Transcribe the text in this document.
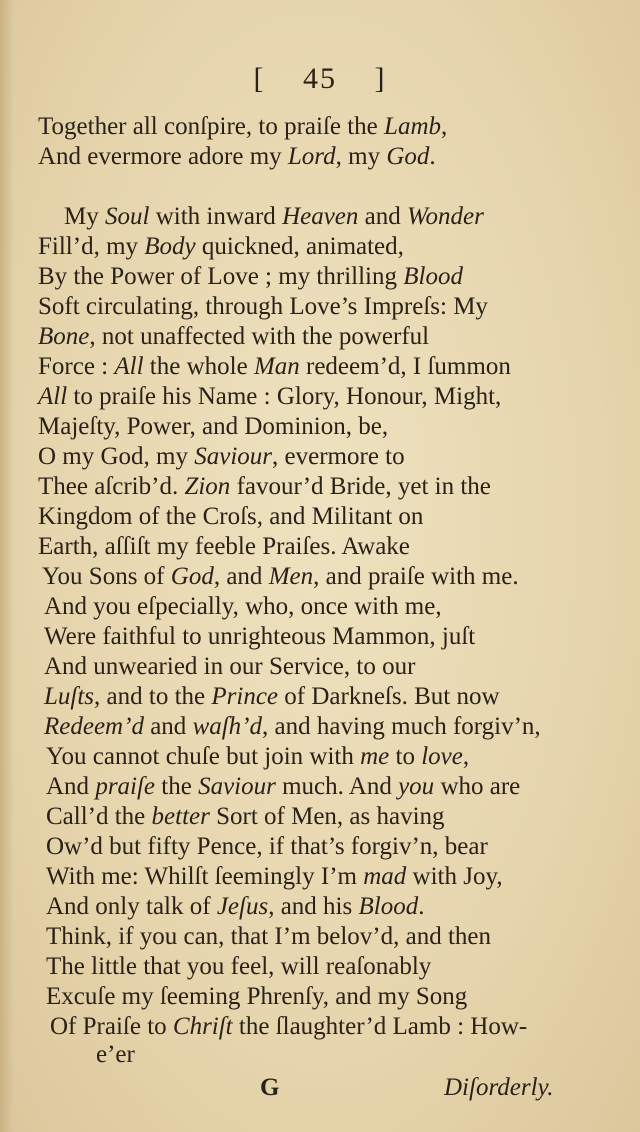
[ 45 ]
Together all conſpire, to praiſe the Lamb,
And evermore adore my Lord, my God.
My Soul with inward Heaven and Wonder
Fill’d, my Body quickned, animated,
By the Power of Love ; my thrilling Blood
Soft circulating, through Love’s Impreſs: My
Bone, not unaffected with the powerful
Force : All the whole Man redeem’d, I ſummon
All to praiſe his Name : Glory, Honour, Might,
Majeſty, Power, and Dominion, be,
O my God, my Saviour, evermore to
Thee aſcrib’d. Zion favour’d Bride, yet in the
Kingdom of the Croſs, and Militant on
Earth, aſſiſt my feeble Praiſes. Awake
You Sons of God, and Men, and praiſe with me.
And you eſpecially, who, once with me,
Were faithful to unrighteous Mammon, juſt
And unwearied in our Service, to our
Luſts, and to the Prince of Darkneſs. But now
Redeem’d and waſh’d, and having much forgiv’n,
You cannot chuſe but join with me to love,
And praiſe the Saviour much. And you who are
Call’d the better Sort of Men, as having
Ow’d but fifty Pence, if that’s forgiv’n, bear
With me: Whilſt ſeemingly I’m mad with Joy,
And only talk of Jeſus, and his Blood.
Think, if you can, that I’m belov’d, and then
The little that you feel, will reaſonably
Excuſe my ſeeming Phrenſy, and my Song
Of Praiſe to Chriſt the ſlaughter’d Lamb : How-
e’er
G	Diſorderly.
